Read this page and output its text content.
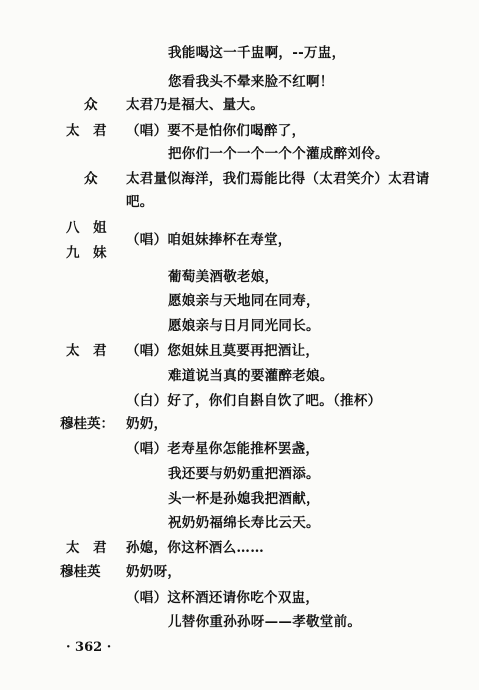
我能喝这一千盅啊，--万盅，
您看我头不晕来脸不红啊！
众 太君乃是福大、量大。
太　君 （唱）要不是怕你们喝醉了，
把你们一个一个一个个灌成醉刘伶。
众 太君量似海洋，我们焉能比得（太君笑介）太君请
吧。
八　姐
（唱）咱姐妹捧杯在寿堂，
九　妹
葡萄美酒敬老娘，
愿娘亲与天地同在同寿，
愿娘亲与日月同光同长。
太　君 （唱）您姐妹且莫要再把酒让，
难道说当真的要灌醉老娘。
（白）好了，你们自斟自饮了吧。（推杯）
穆桂英： 奶奶，
（唱）老寿星你怎能推杯罢盏，
我还要与奶奶重把酒添。
头一杯是孙媳我把酒献，
祝奶奶福绵长寿比云天。
太　君 孙媳，你这杯酒么……
穆桂英 奶奶呀，
（唱）这杯酒还请你吃个双盅，
儿替你重孙孙呀——孝敬堂前。
· 362 ·
